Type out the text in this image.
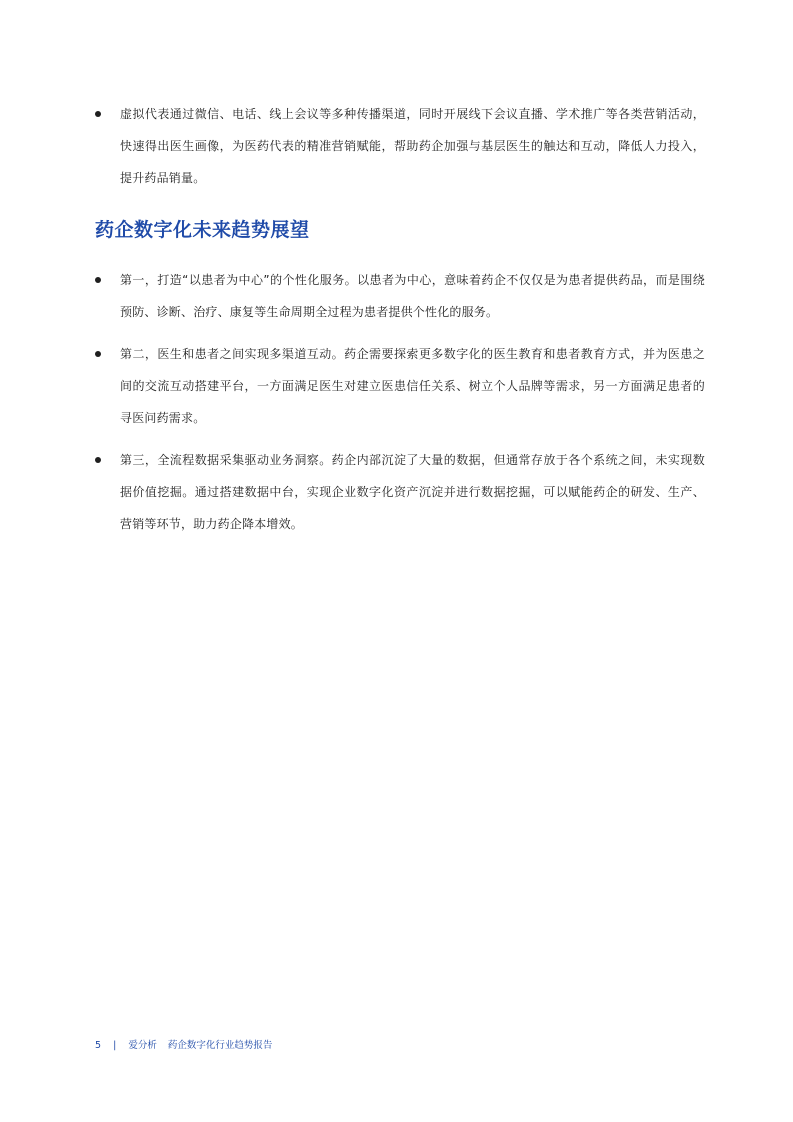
虚拟代表通过微信、电话、线上会议等多种传播渠道，同时开展线下会议直播、学术推广等各类营销活动，快速得出医生画像，为医药代表的精准营销赋能，帮助药企加强与基层医生的触达和互动，降低人力投入，提升药品销量。
药企数字化未来趋势展望
第一，打造“以患者为中心”的个性化服务。以患者为中心，意味着药企不仅仅是为患者提供药品，而是围绕预防、诊断、治疗、康复等生命周期全过程为患者提供个性化的服务。
第二，医生和患者之间实现多渠道互动。药企需要探索更多数字化的医生教育和患者教育方式，并为医患之间的交流互动搭建平台，一方面满足医生对建立医患信任关系、树立个人品牌等需求，另一方面满足患者的寻医问药需求。
第三，全流程数据采集驱动业务洞察。药企内部沉淀了大量的数据，但通常存放于各个系统之间，未实现数据价值挖掘。通过搭建数据中台，实现企业数字化资产沉淀并进行数据挖掘，可以赋能药企的研发、生产、营销等环节，助力药企降本增效。
5 | 爱分析 药企数字化行业趋势报告
